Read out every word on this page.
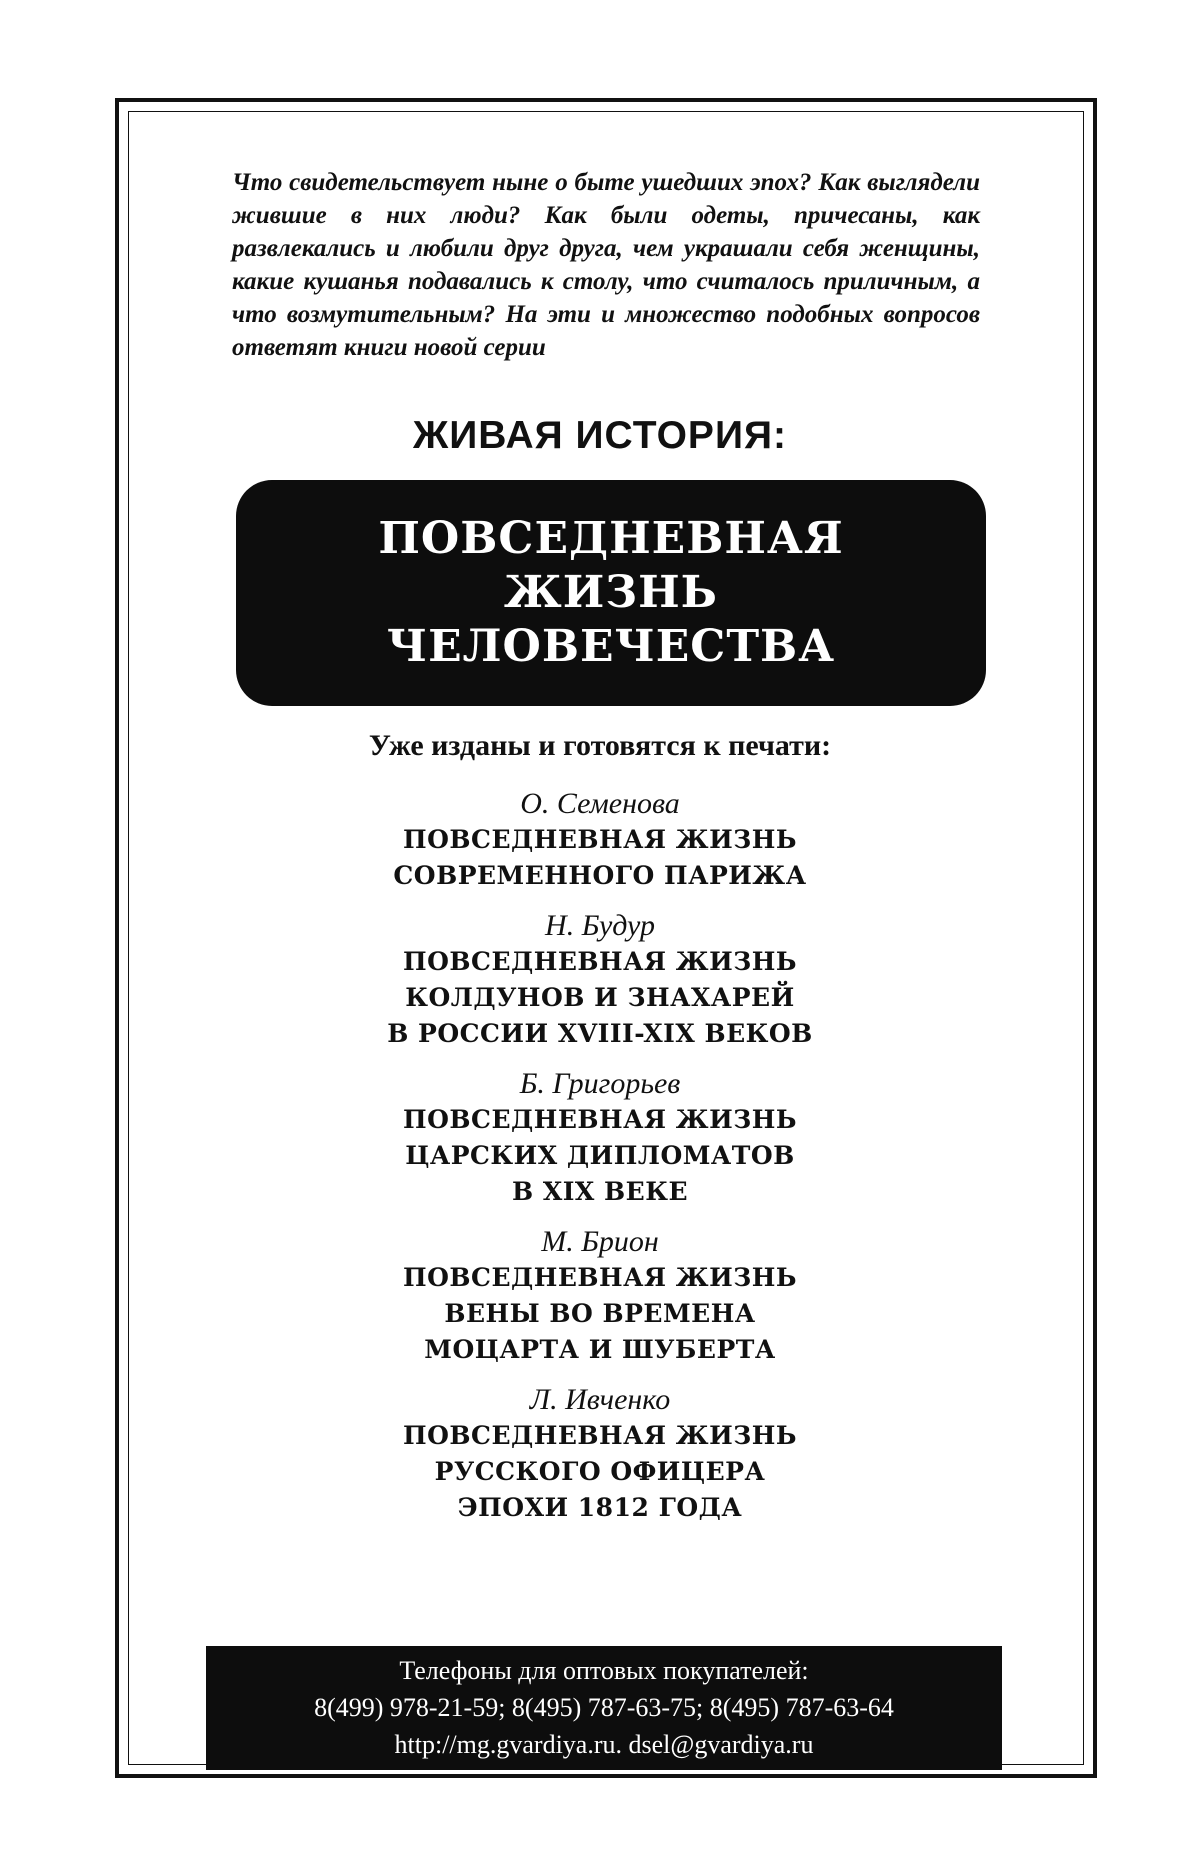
Что свидетельствует ныне о быте ушедших эпох? Как выглядели жившие в них люди? Как были одеты, причесаны, как развлекались и любили друг друга, чем украшали себя женщины, какие кушанья подавались к столу, что считалось приличным, а что возмутительным? На эти и множество подобных вопросов ответят книги новой серии

ЖИВАЯ ИСТОРИЯ:
ПОВСЕДНЕВНАЯ
ЖИЗНЬ
ЧЕЛОВЕЧЕСТВА

Уже изданы и готовятся к печати:

О. Семенова
ПОВСЕДНЕВНАЯ ЖИЗНЬ
СОВРЕМЕННОГО ПАРИЖА
Н. Будур
ПОВСЕДНЕВНАЯ ЖИЗНЬ
КОЛДУНОВ И ЗНАХАРЕЙ
В РОССИИ XVIII-XIX ВЕКОВ
Б. Григорьев
ПОВСЕДНЕВНАЯ ЖИЗНЬ
ЦАРСКИХ ДИПЛОМАТОВ
В XIX ВЕКЕ
М. Брион
ПОВСЕДНЕВНАЯ ЖИЗНЬ
ВЕНЫ ВО ВРЕМЕНА
МОЦАРТА И ШУБЕРТА
Л. Ивченко
ПОВСЕДНЕВНАЯ ЖИЗНЬ
РУССКОГО ОФИЦЕРА
ЭПОХИ 1812 ГОДА
Телефоны для оптовых покупателей:
8(499) 978-21-59; 8(495) 787-63-75; 8(495) 787-63-64
http://mg.gvardiya.ru. dsel@gvardiya.ru
